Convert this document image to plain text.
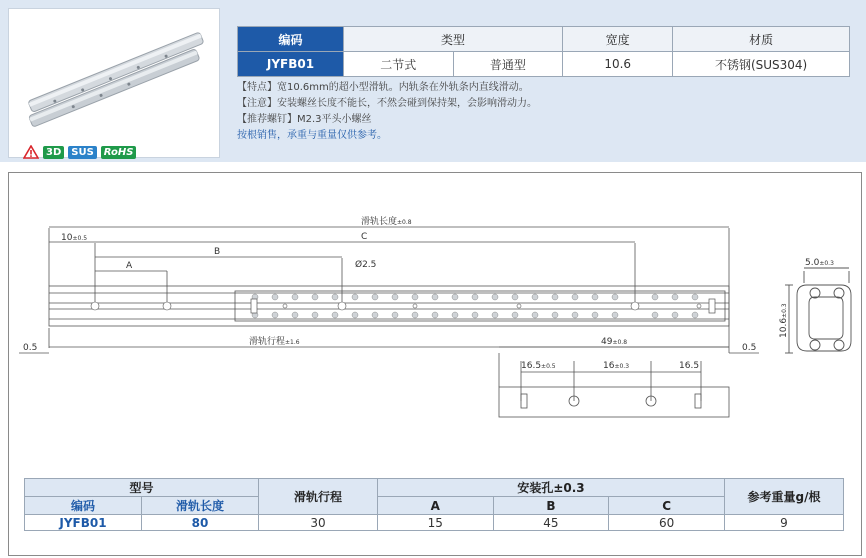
3D	SUS	RoHS
编码	类型		宽度	材质
JYFB01	二节式	普通型	10.6	不锈钢(SUS304)
【特点】宽10.6mm的超小型滑轨。内轨条在外轨条内直线滑动。
【注意】安装螺丝长度不能长，不然会碰到保持架，会影响滑动力。
【推荐螺钉】M2.3平头小螺丝
按根销售，承重与重量仅供参考。
滑轨长度±0.8
10±0.5	C
B
A	Ø2.5
滑轨行程±1.6
0.5	0.5
49±0.8
16.5±0.5	16±0.3	16.5
5.0±0.3
10.6±0.3
型号		滑轨行程	安装孔±0.3			参考重量g/根
编码	滑轨长度		A	B	C	
JYFB01	80	30	15	45	60	9
